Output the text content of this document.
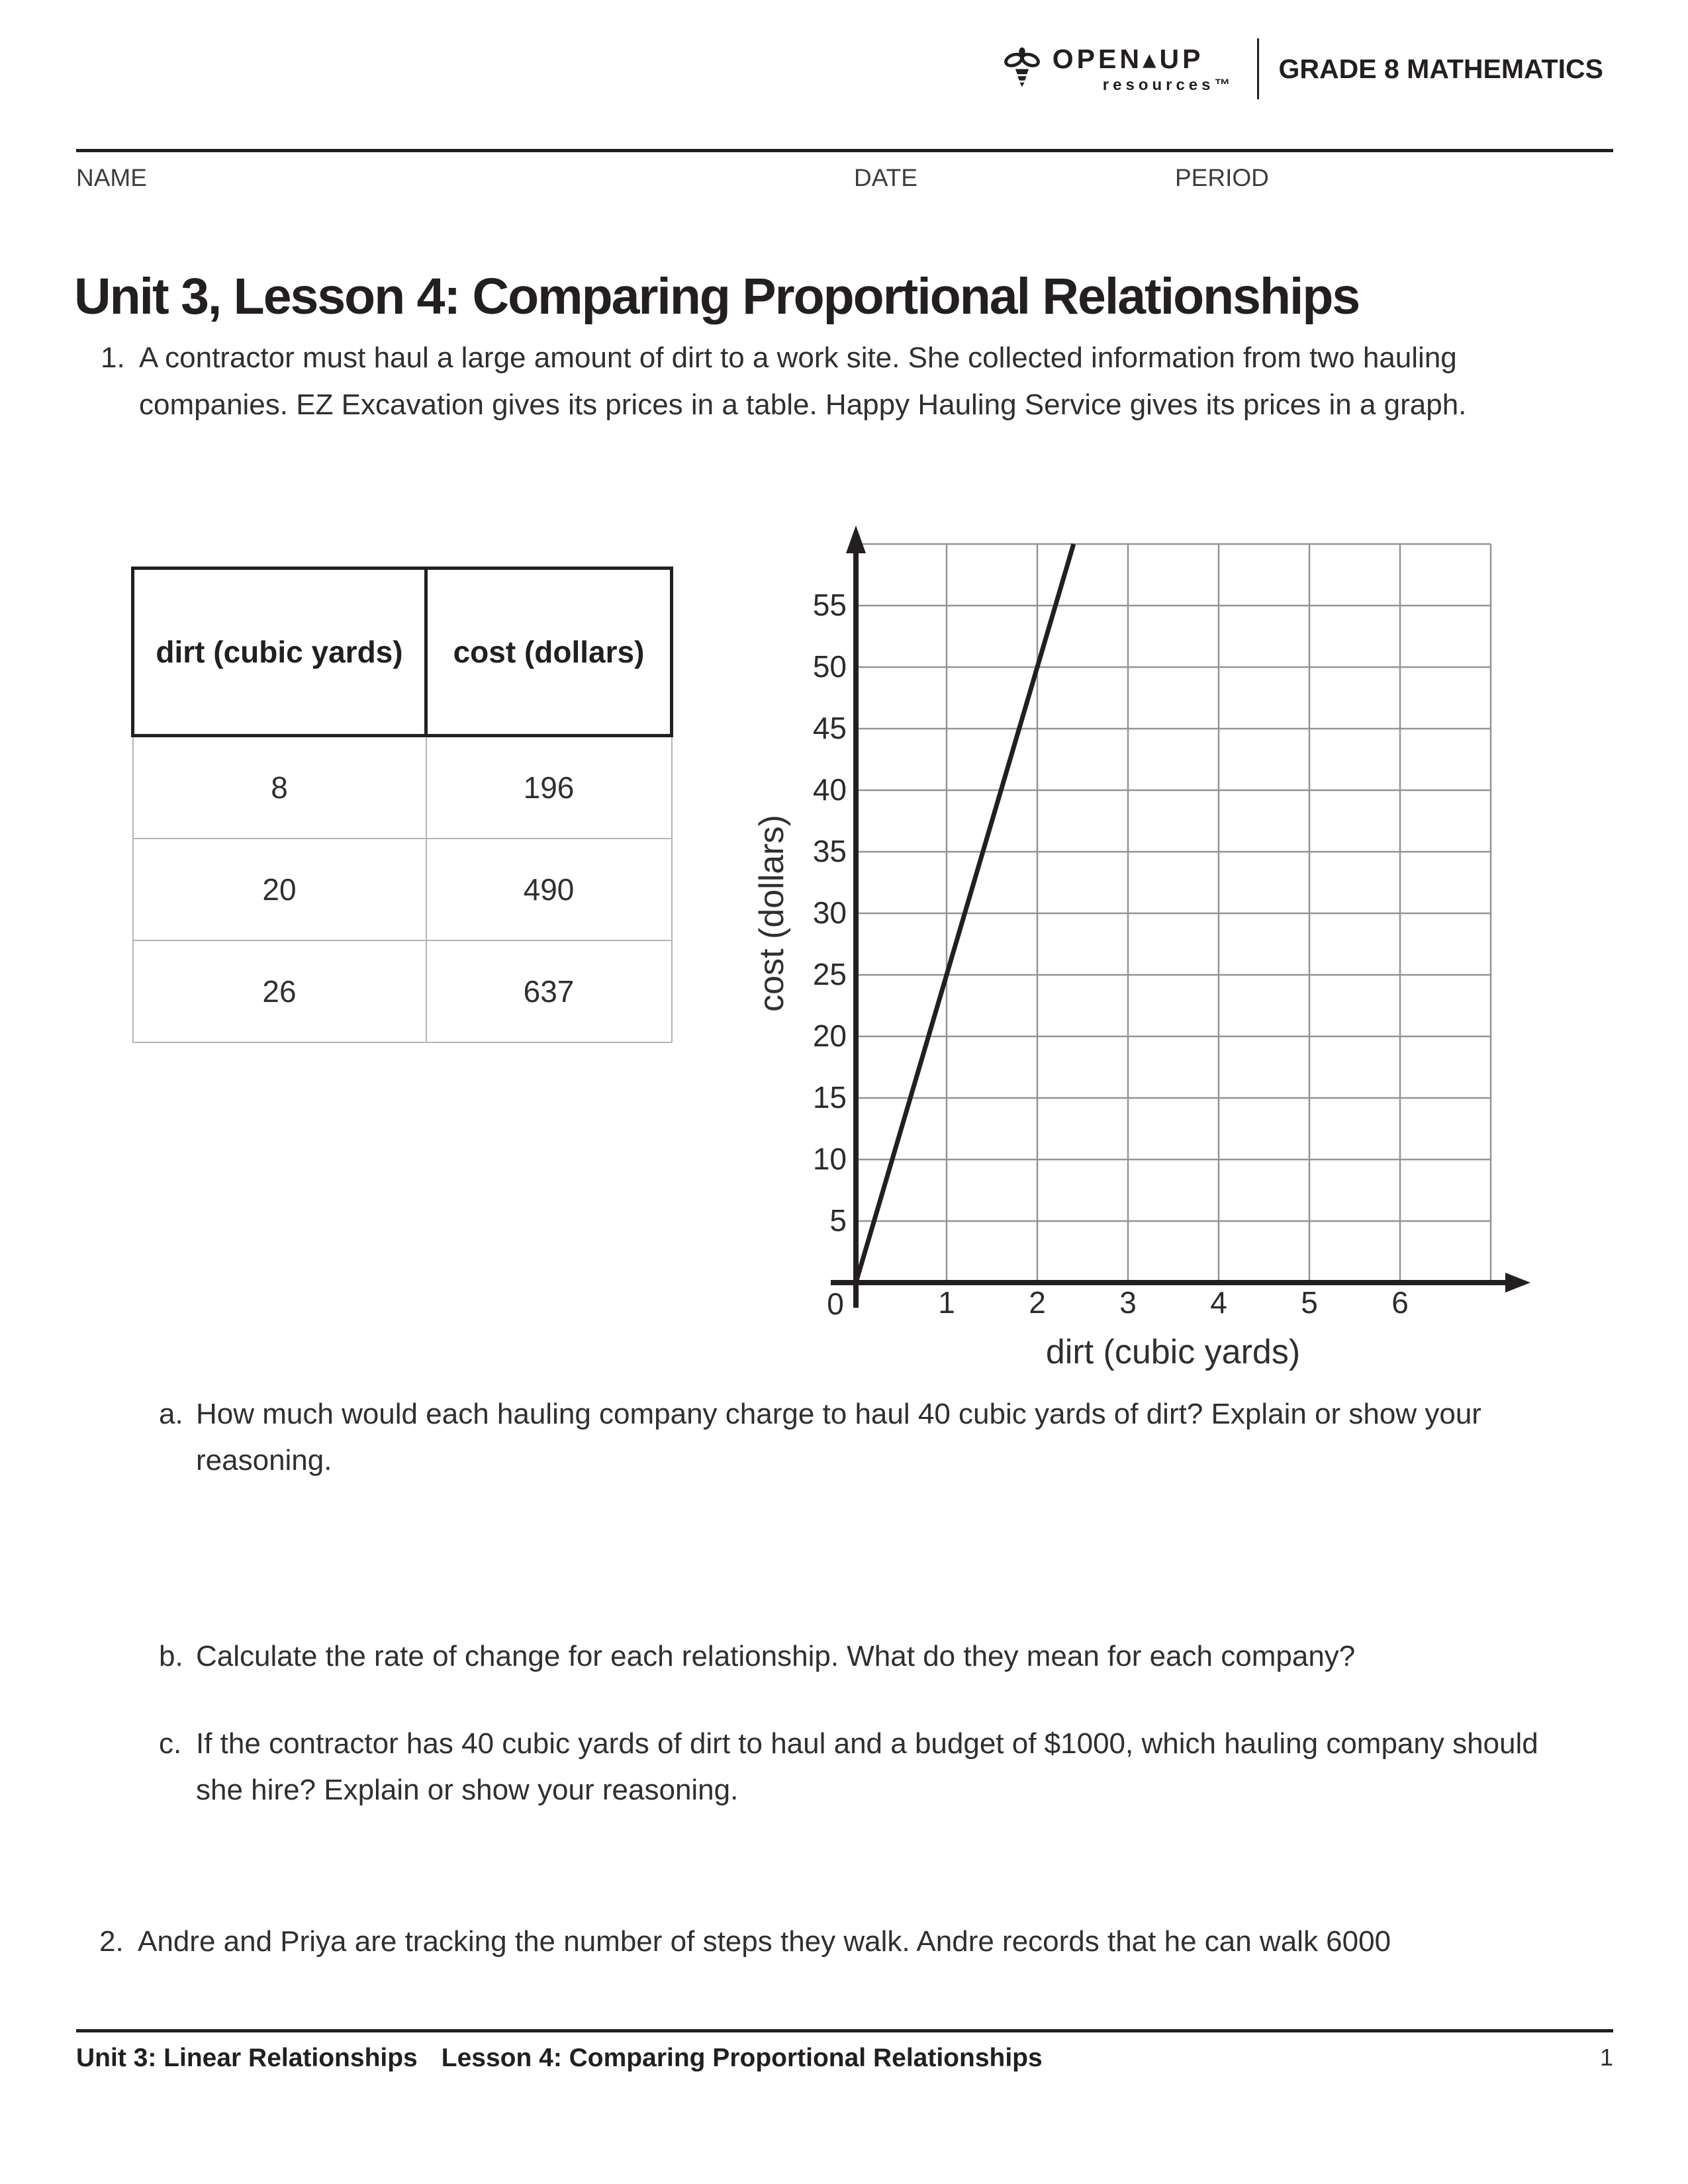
OPEN▴UP
resources™
GRADE 8 MATHEMATICS
NAME	DATE	PERIOD
Unit 3, Lesson 4: Comparing Proportional Relationships
1. A contractor must haul a large amount of dirt to a work site. She collected information from two hauling companies. EZ Excavation gives its prices in a table. Happy Hauling Service gives its prices in a graph.
dirt (cubic yards)	cost (dollars)
8	196
20	490
26	637
1 2 3 4 5 6
5
10
15
20
25
30
35
40
45
50
55
0
dirt (cubic yards)
cost (dollars)
a. How much would each hauling company charge to haul 40 cubic yards of dirt? Explain or show your reasoning.
b. Calculate the rate of change for each relationship. What do they mean for each company?
c. If the contractor has 40 cubic yards of dirt to haul and a budget of $1000, which hauling company should she hire? Explain or show your reasoning.
2. Andre and Priya are tracking the number of steps they walk. Andre records that he can walk 6000
Unit 3: Linear Relationships Lesson 4: Comparing Proportional Relationships	1
